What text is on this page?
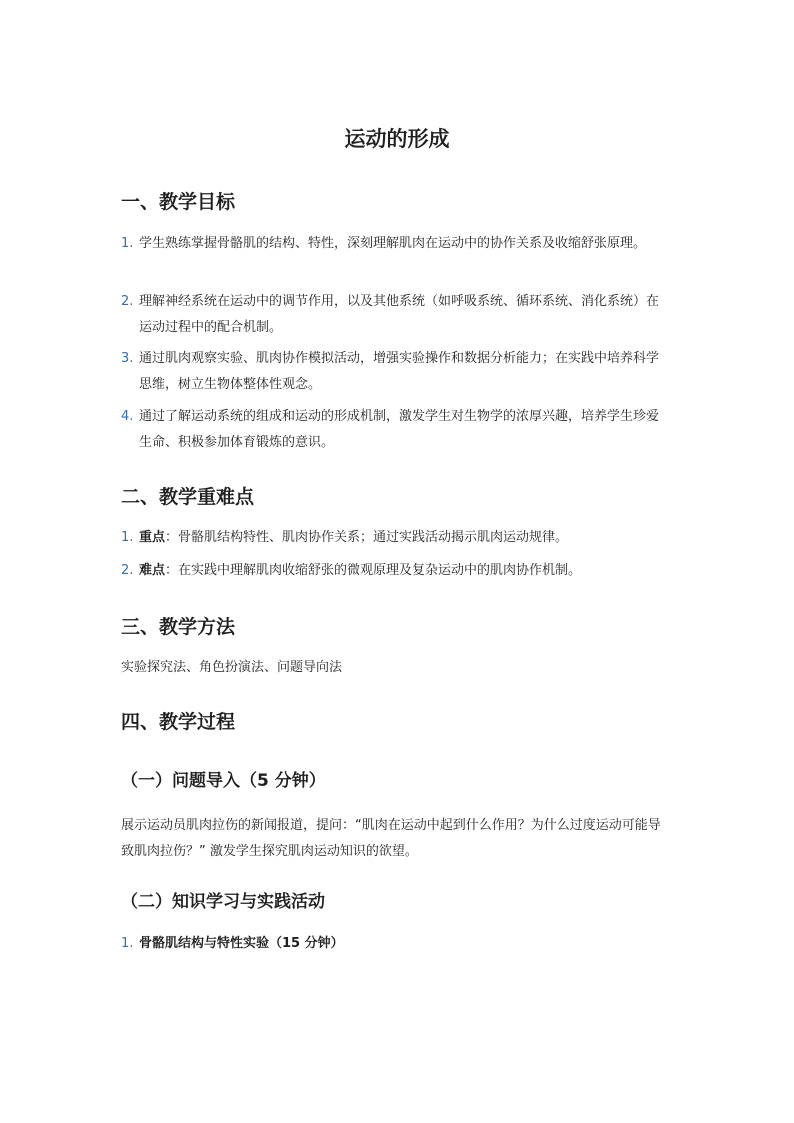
运动的形成
一、教学目标
1. 学生熟练掌握骨骼肌的结构、特性，深刻理解肌肉在运动中的协作关系及收缩舒张原理。
2. 理解神经系统在运动中的调节作用，以及其他系统（如呼吸系统、循环系统、消化系统）在运动过程中的配合机制。
3. 通过肌肉观察实验、肌肉协作模拟活动，增强实验操作和数据分析能力；在实践中培养科学思维，树立生物体整体性观念。
4. 通过了解运动系统的组成和运动的形成机制，激发学生对生物学的浓厚兴趣，培养学生珍爱生命、积极参加体育锻炼的意识。
二、教学重难点
1. 重点：骨骼肌结构特性、肌肉协作关系；通过实践活动揭示肌肉运动规律。
2. 难点：在实践中理解肌肉收缩舒张的微观原理及复杂运动中的肌肉协作机制。
三、教学方法
实验探究法、角色扮演法、问题导向法
四、教学过程
（一）问题导入（5 分钟）
展示运动员肌肉拉伤的新闻报道，提问：“肌肉在运动中起到什么作用？为什么过度运动可能导致肌肉拉伤？” 激发学生探究肌肉运动知识的欲望。
（二）知识学习与实践活动
1. 骨骼肌结构与特性实验（15 分钟）
